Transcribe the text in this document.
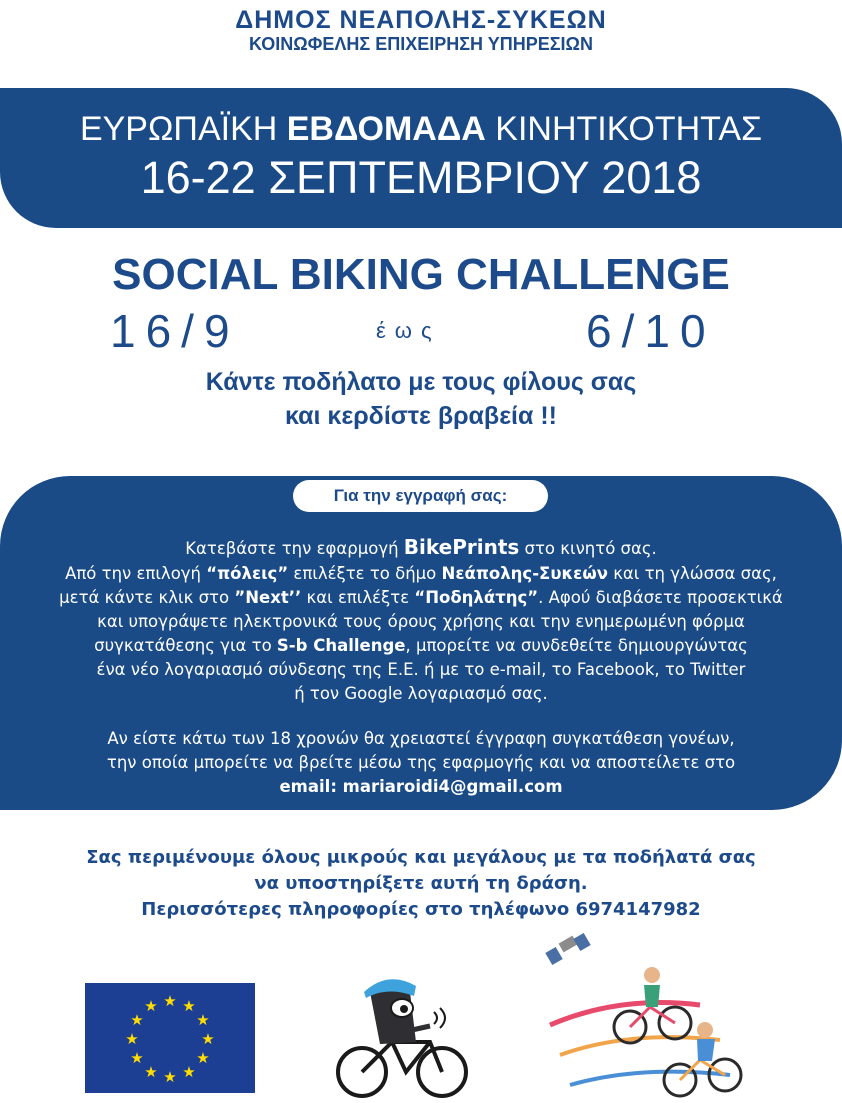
ΔΗΜΟΣ ΝΕΑΠΟΛΗΣ-ΣΥΚΕΩΝ
ΚΟΙΝΩΦΕΛΗΣ ΕΠΙΧΕΙΡΗΣΗ ΥΠΗΡΕΣΙΩΝ
ΕΥΡΩΠΑΪΚΗ ΕΒΔΟΜΑΔΑ ΚΙΝΗΤΙΚΟΤΗΤΑΣ
16-22 ΣΕΠΤΕΜΒΡΙΟΥ 2018
SOCIAL BIKING CHALLENGE
16/9	έως	6/10
Κάντε ποδήλατο με τους φίλους σας
και κερδίστε βραβεία !!
Για την εγγραφή σας:
Κατεβάστε την εφαρμογή BikePrints στο κινητό σας.
Από την επιλογή “πόλεις” επιλέξτε το δήμο Νεάπολης-Συκεών και τη γλώσσα σας,
μετά κάντε κλικ στο ”Next’’ και επιλέξτε “Ποδηλάτης”. Αφού διαβάσετε προσεκτικά
και υπογράψετε ηλεκτρονικά τους όρους χρήσης και την ενημερωμένη φόρμα
συγκατάθεσης για το S-b Challenge, μπορείτε να συνδεθείτε δημιουργώντας
ένα νέο λογαριασμό σύνδεσης της Ε.Ε. ή με το e-mail, το Facebook, το Twitter
ή τον Google λογαριασμό σας.
Αν είστε κάτω των 18 χρονών θα χρειαστεί έγγραφη συγκατάθεση γονέων,
την οποία μπορείτε να βρείτε μέσω της εφαρμογής και να αποστείλετε στο
email: mariaroidi4@gmail.com
Σας περιμένουμε όλους μικρούς και μεγάλους με τα ποδήλατά σας
να υποστηρίξετε αυτή τη δράση.
Περισσότερες πληροφορίες στο τηλέφωνο 6974147982
★ ★
★
★
★
★
★
★
★
★
★
★
